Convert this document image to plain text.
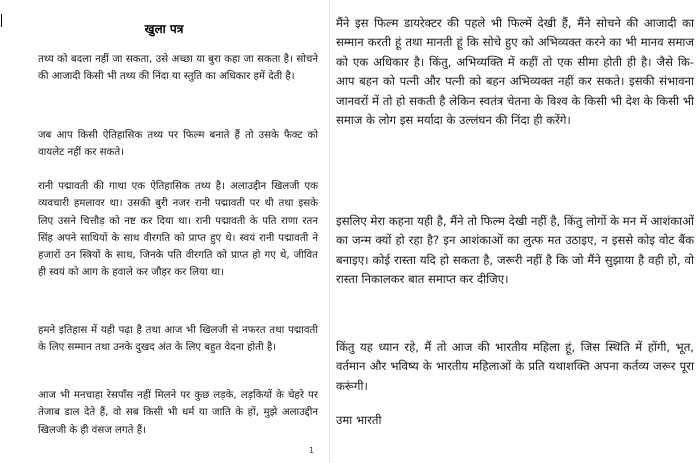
खुला पत्र

तथ्य को बदला नहीं जा सकता, उसे अच्छा या बुरा कहा जा सकता है। सोचने की आजादी किसी भी तथ्य की निंदा या स्तुति का अधिकार हमें देती है।

जब आप किसी ऐतिहासिक तथ्य पर फिल्म बनाते हैं तो उसके फैक्ट को वायलेट नहीं कर सकते।

रानी पद्मावती की गाथा एक ऐतिहासिक तथ्य है। अलाउद्दीन खिलजी एक व्यवचारी हमलावर था। उसकी बुरी नजर रानी पद्मावती पर थी तथा इसके लिए उसने चित्तौड़ को नष्ट कर दिया था। रानी पद्मावती के पति राणा रतन सिंह अपने साथियों के साथ वीरगति को प्राप्त हुए थे। स्वयं रानी पद्मावती ने हजारों उन स्त्रियों के साथ, जिनके पति वीरगति को प्राप्त हो गए थे, जीवित ही स्वयं को आग के हवाले कर जौहर कर लिया था।

हमने इतिहास में यही पढ़ा है तथा आज भी खिलजी से नफरत तथा पद्मावती के लिए सम्मान तथा उनके दुखद अंत के लिए बहुत वेदना होती है।

आज भी मनचाहा रेसपॉंस नहीं मिलने पर कुछ लड़के, लड़कियों के चेहरे पर तेजाब डाल देते हैं, वो सब किसी भी धर्म या जाति के हों, मुझे अलाउद्दीन खिलजी के ही वंसज लगते हैं।

1

मैंने इस फिल्म डायरेक्टर की पहले भी फिल्में देखी हैं, मैंने सोचने की आजादी का सम्मान करती हूं तथा मानती हूं कि सोचे हुए को अभिव्यक्त करने का भी मानव समाज को एक अधिकार है। किंतु, अभिव्यक्ति में कहीं तो एक सीमा होती ही है। जैसे कि- आप बहन को पत्नी और पत्नी को बहन अभिव्यक्त नहीं कर सकते। इसकी संभावना जानवरों में तो हो सकती है लेकिन स्वतंत्र चेतना के विश्व के किसी भी देश के किसी भी समाज के लोग इस मर्यादा के उल्लंघन की निंदा ही करेंगे।

इसलिए मेरा कहना यही है, मैंने तो फिल्म देखी नहीं है, किंतु लोगों के मन में आशंकाओं का जन्म क्यों हो रहा है? इन आशंकाओं का लुत्फ मत उठाइए, न इससे कोइ वोट बैंक बनाइए। कोई रास्ता यदि हो सकता है, जरूरी नहीं है कि जो मैंने सुझाया है वही हो, वो रास्ता निकालकर बात समाप्त कर दीजिए।

किंतु यह ध्यान रहे, मैं तो आज की भारतीय महिला हूं, जिस स्थिति में होंगी, भूत, वर्तमान और भविष्य के भारतीय महिलाओं के प्रति यथाशक्ति अपना कर्तव्य जरूर पूरा करूंगी।

उमा भारती
